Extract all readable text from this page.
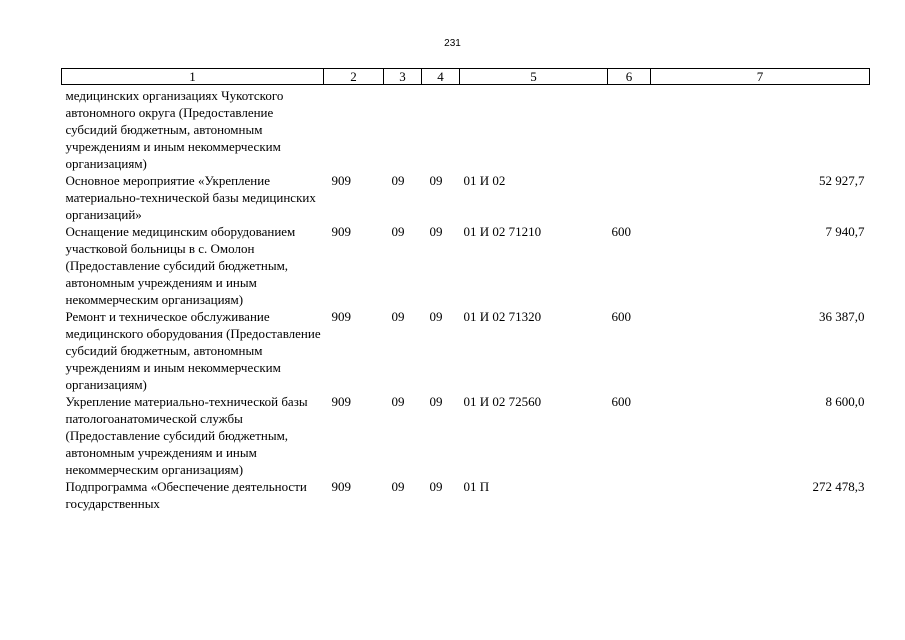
231
1	2	3	4	5	6	7
медицинских организациях Чукотского автономного округа (Предоставление субсидий бюджетным, автономным учреждениям и иным некоммерческим организациям)						
Основное мероприятие «Укрепление материально-технической базы медицинских организаций»	909	09	09	01 И 02		52 927,7
Оснащение медицинским оборудованием участковой больницы в с. Омолон (Предоставление субсидий бюджетным, автономным учреждениям и иным некоммерческим организациям)	909	09	09	01 И 02 71210	600	7 940,7
Ремонт и техническое обслуживание медицинского оборудования (Предоставление субсидий бюджетным, автономным учреждениям и иным некоммерческим организациям)	909	09	09	01 И 02 71320	600	36 387,0
Укрепление материально-технической базы патологоанатомической службы (Предоставление субсидий бюджетным, автономным учреждениям и иным некоммерческим организациям)	909	09	09	01 И 02 72560	600	8 600,0
Подпрограмма «Обеспечение деятельности государственных	909	09	09	01 П		272 478,3
